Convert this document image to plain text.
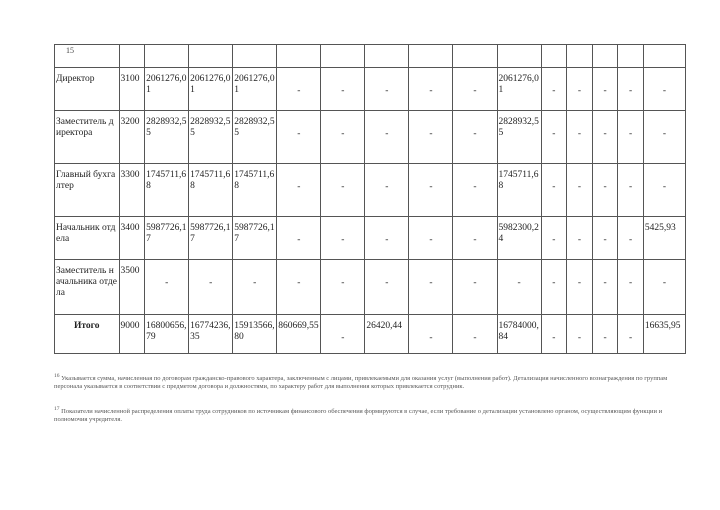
15

Директор	3100	2061276,01	2061276,01	2061276,01	-	-	-	-	-	2061276,01	-	-	-	-	-

Заместитель директора	3200	2828932,55	2828932,55	2828932,55	-	-	-	-	-	2828932,55	-	-	-	-	-

Главный бухгалтер	3300	1745711,68	1745711,68	1745711,68	-	-	-	-	-	1745711,68	-	-	-	-	-

Начальник отдела	3400	5987726,17	5987726,17	5987726,17	-	-	-	-	-	5982300,24	-	-	-	-	5425,93

Заместитель начальника отдела	3500	-	-	-	-	-	-	-	-	-	-	-	-	-	-

Итого	9000	16800656,79	16774236,35	15913566,80	860669,55	-	26420,44	-	-	16784000,84	-	-	-	-	16635,95
$^{16}$ Указывается сумма, начисленная по договорам гражданско-правового характера, заключенным с лицами, привлекаемыми для оказания услуг (выполнения работ). Детализация начисленного вознаграждения по группам персонала указывается в соответствии с предметом договора и должностями, по характеру работ для выполнения которых привлекается сотрудник.
$^{17}$ Показатели начисленной распределения оплаты труда сотрудников по источникам финансового обеспечения формируются в случае, если требование о детализации установлено органом, осуществляющим функции и полномочия учредителя.
